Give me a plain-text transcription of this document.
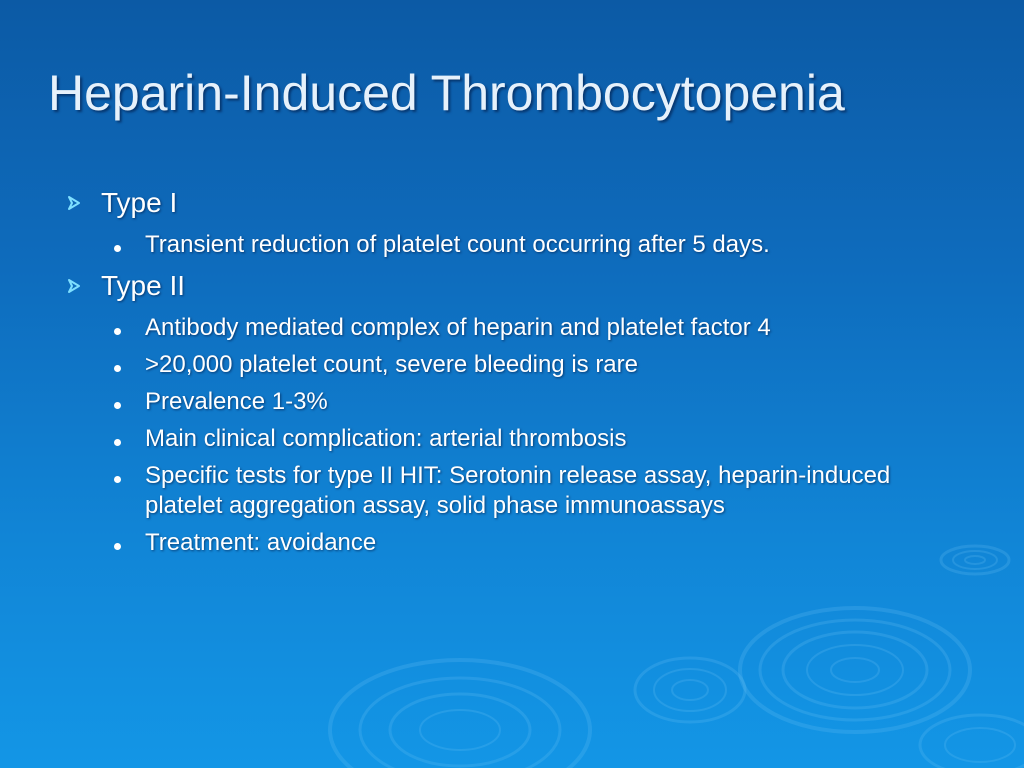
Heparin-Induced Thrombocytopenia
Type I
Transient reduction of platelet count occurring after 5 days.
Type II
Antibody mediated complex of heparin and platelet factor 4
>20,000 platelet count, severe bleeding is rare
Prevalence 1-3%
Main clinical complication: arterial thrombosis
Specific tests for type II HIT: Serotonin release assay, heparin-induced platelet aggregation assay, solid phase immunoassays
Treatment: avoidance
